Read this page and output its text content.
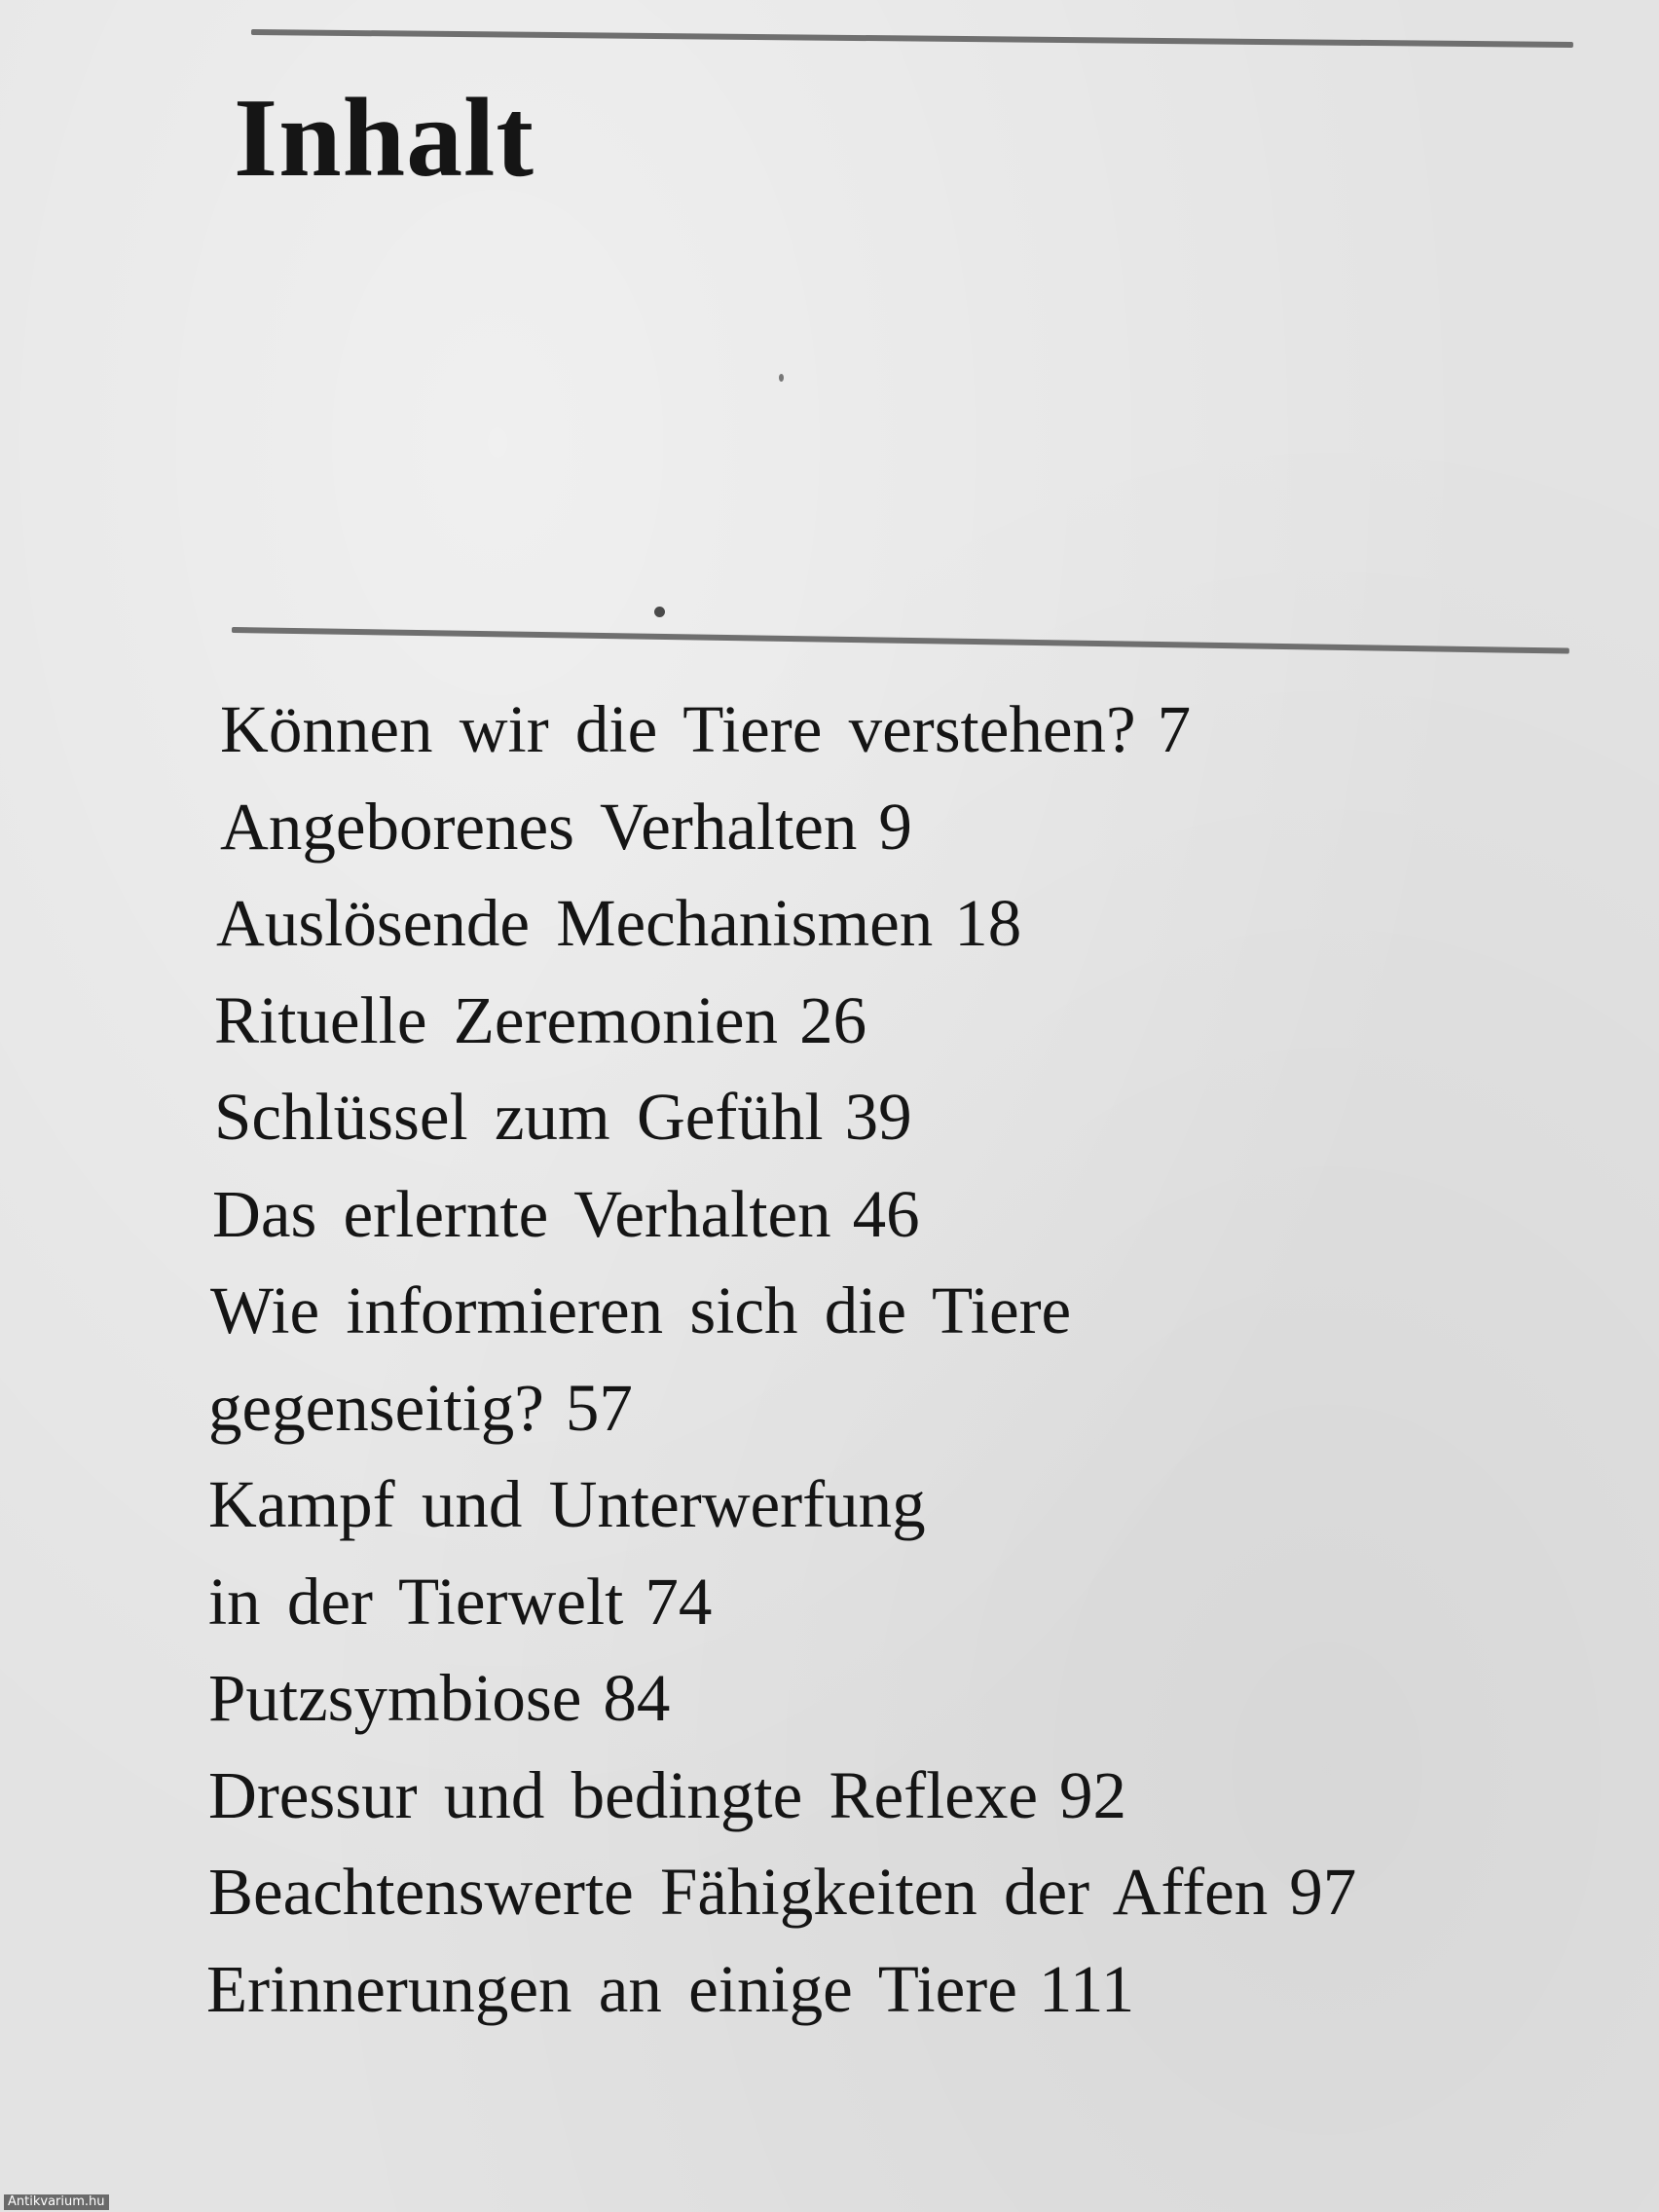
Inhalt
Können wir die Tiere verstehen? 7
Angeborenes Verhalten 9
Auslösende Mechanismen 18
Rituelle Zeremonien 26
Schlüssel zum Gefühl 39
Das erlernte Verhalten 46
Wie informieren sich die Tiere
gegenseitig? 57
Kampf und Unterwerfung
in der Tierwelt 74
Putzsymbiose 84
Dressur und bedingte Reflexe 92
Beachtenswerte Fähigkeiten der Affen 97
Erinnerungen an einige Tiere 111
Antikvarium.hu
